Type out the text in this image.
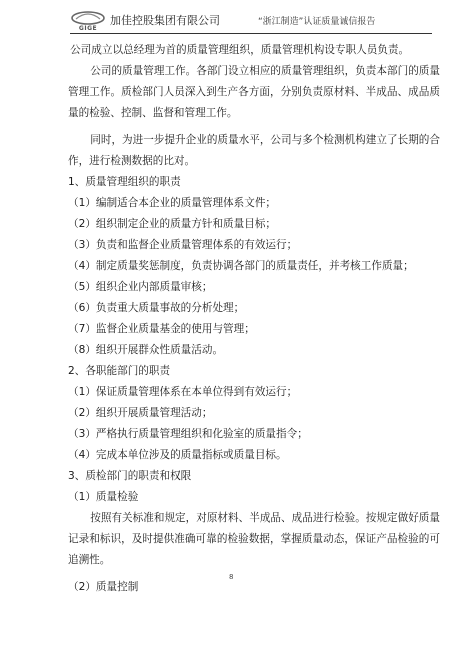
GIGE
加佳控股集团有限公司	“浙江制造”认证质量诚信报告

公司成立以总经理为首的质量管理组织，质量管理机构设专职人员负责。

公司的质量管理工作。各部门设立相应的质量管理组织，负责本部门的质量管理工作。质检部门人员深入到生产各方面，分别负责原材料、半成品、成品质量的检验、控制、监督和管理工作。

同时，为进一步提升企业的质量水平，公司与多个检测机构建立了长期的合作，进行检测数据的比对。

1、质量管理组织的职责

（1）编制适合本企业的质量管理体系文件；

（2）组织制定企业的质量方针和质量目标；

（3）负责和监督企业质量管理体系的有效运行；

（4）制定质量奖惩制度，负责协调各部门的质量责任，并考核工作质量；

（5）组织企业内部质量审核；

（6）负责重大质量事故的分析处理；

（7）监督企业质量基金的使用与管理；

（8）组织开展群众性质量活动。

2、各职能部门的职责

（1）保证质量管理体系在本单位得到有效运行；

（2）组织开展质量管理活动；

（3）严格执行质量管理组织和化验室的质量指令；

（4）完成本单位涉及的质量指标或质量目标。

3、质检部门的职责和权限

（1）质量检验

按照有关标准和规定，对原材料、半成品、成品进行检验。按规定做好质量记录和标识，及时提供准确可靠的检验数据，掌握质量动态，保证产品检验的可追溯性。

（2）质量控制

8
